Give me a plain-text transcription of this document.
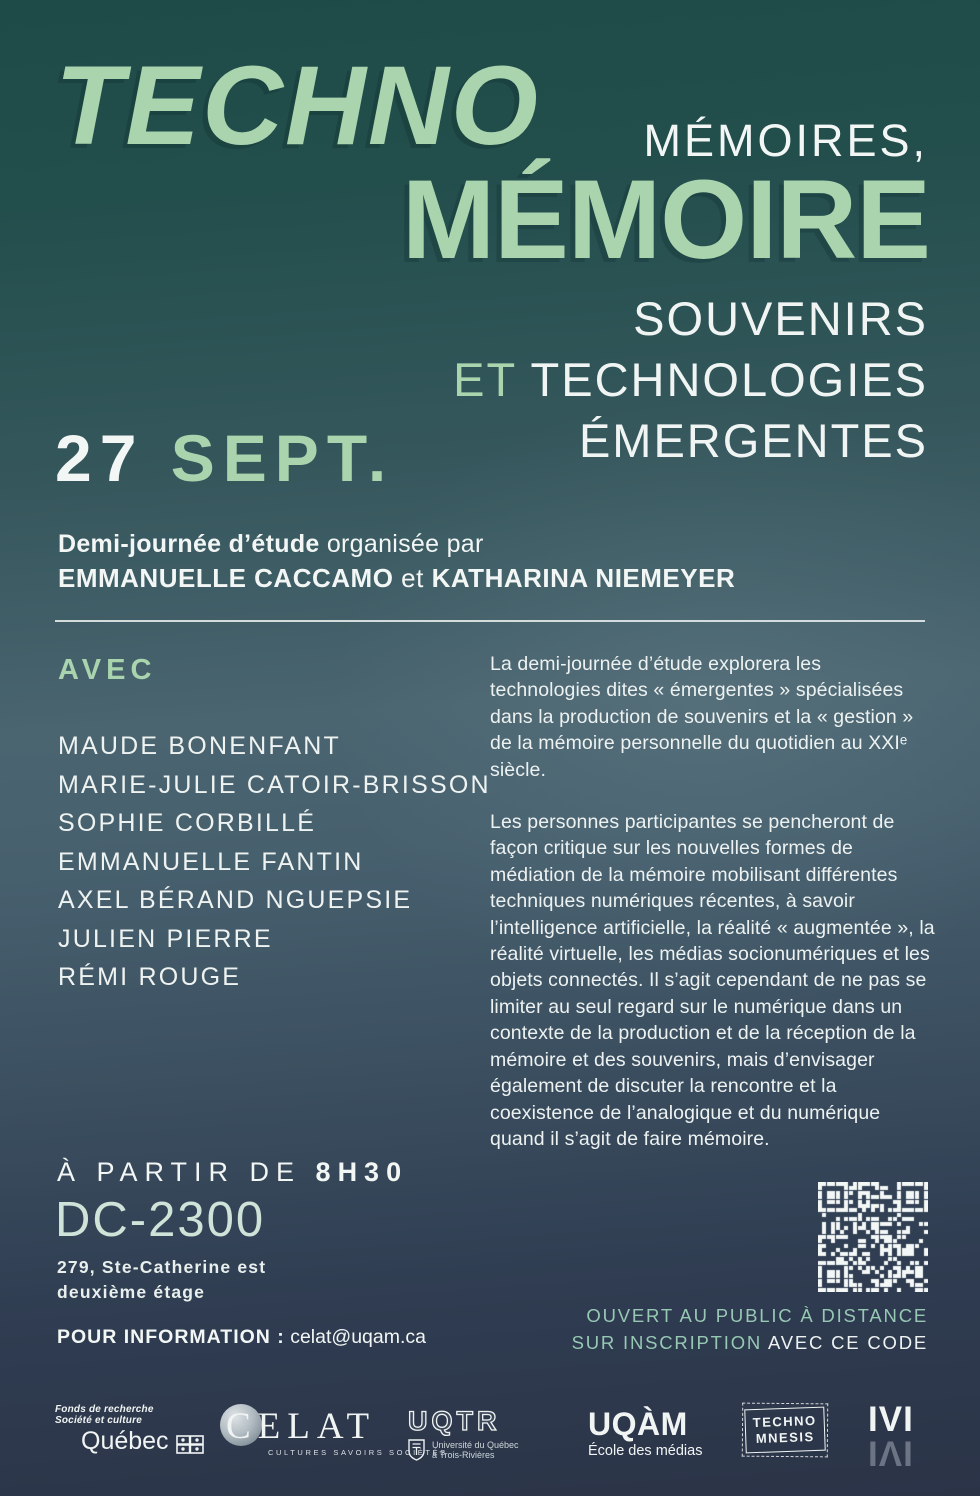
TECHNO MÉMOIRES,
MÉMOIRE
SOUVENIRS
ET TECHNOLOGIES
ÉMERGENTES
27 SEPT.
Demi-journée d’étude organisée par
EMMANUELLE CACCAMO et KATHARINA NIEMEYER
AVEC
MAUDE BONENFANT
MARIE-JULIE CATOIR-BRISSON
SOPHIE CORBILLÉ
EMMANUELLE FANTIN
AXEL BÉRAND NGUEPSIE
JULIEN PIERRE
RÉMI ROUGE

La demi-journée d’étude explorera les technologies dites « émergentes » spécialisées dans la production de souvenirs et la « gestion » de la mémoire personnelle du quotidien au XXIᵉ siècle.

Les personnes participantes se pencheront de façon critique sur les nouvelles formes de médiation de la mémoire mobilisant différentes techniques numériques récentes, à savoir l’intelligence artificielle, la réalité « augmentée », la réalité virtuelle, les médias socionumériques et les objets connectés. Il s’agit cependant de ne pas se limiter au seul regard sur le numérique dans un contexte de la production et de la réception de la mémoire et des souvenirs, mais d’envisager également de discuter la rencontre et la coexistence de l’analogique et du numérique quand il s’agit de faire mémoire.

À PARTIR DE 8H30
DC-2300
279, Ste-Catherine est
deuxième étage
POUR INFORMATION : celat@uqam.ca
OUVERT AU PUBLIC À DISTANCE
SUR INSCRIPTION AVEC CE CODE
Fonds de recherche
Société et culture
Québec CELAT
CULTURES SAVOIRS SOCIÉTÉS
UQTR
Université du Québec
à Trois-Rivières
UQÀM
École des médias
TECHNO
MNESIS IVI
IVI
